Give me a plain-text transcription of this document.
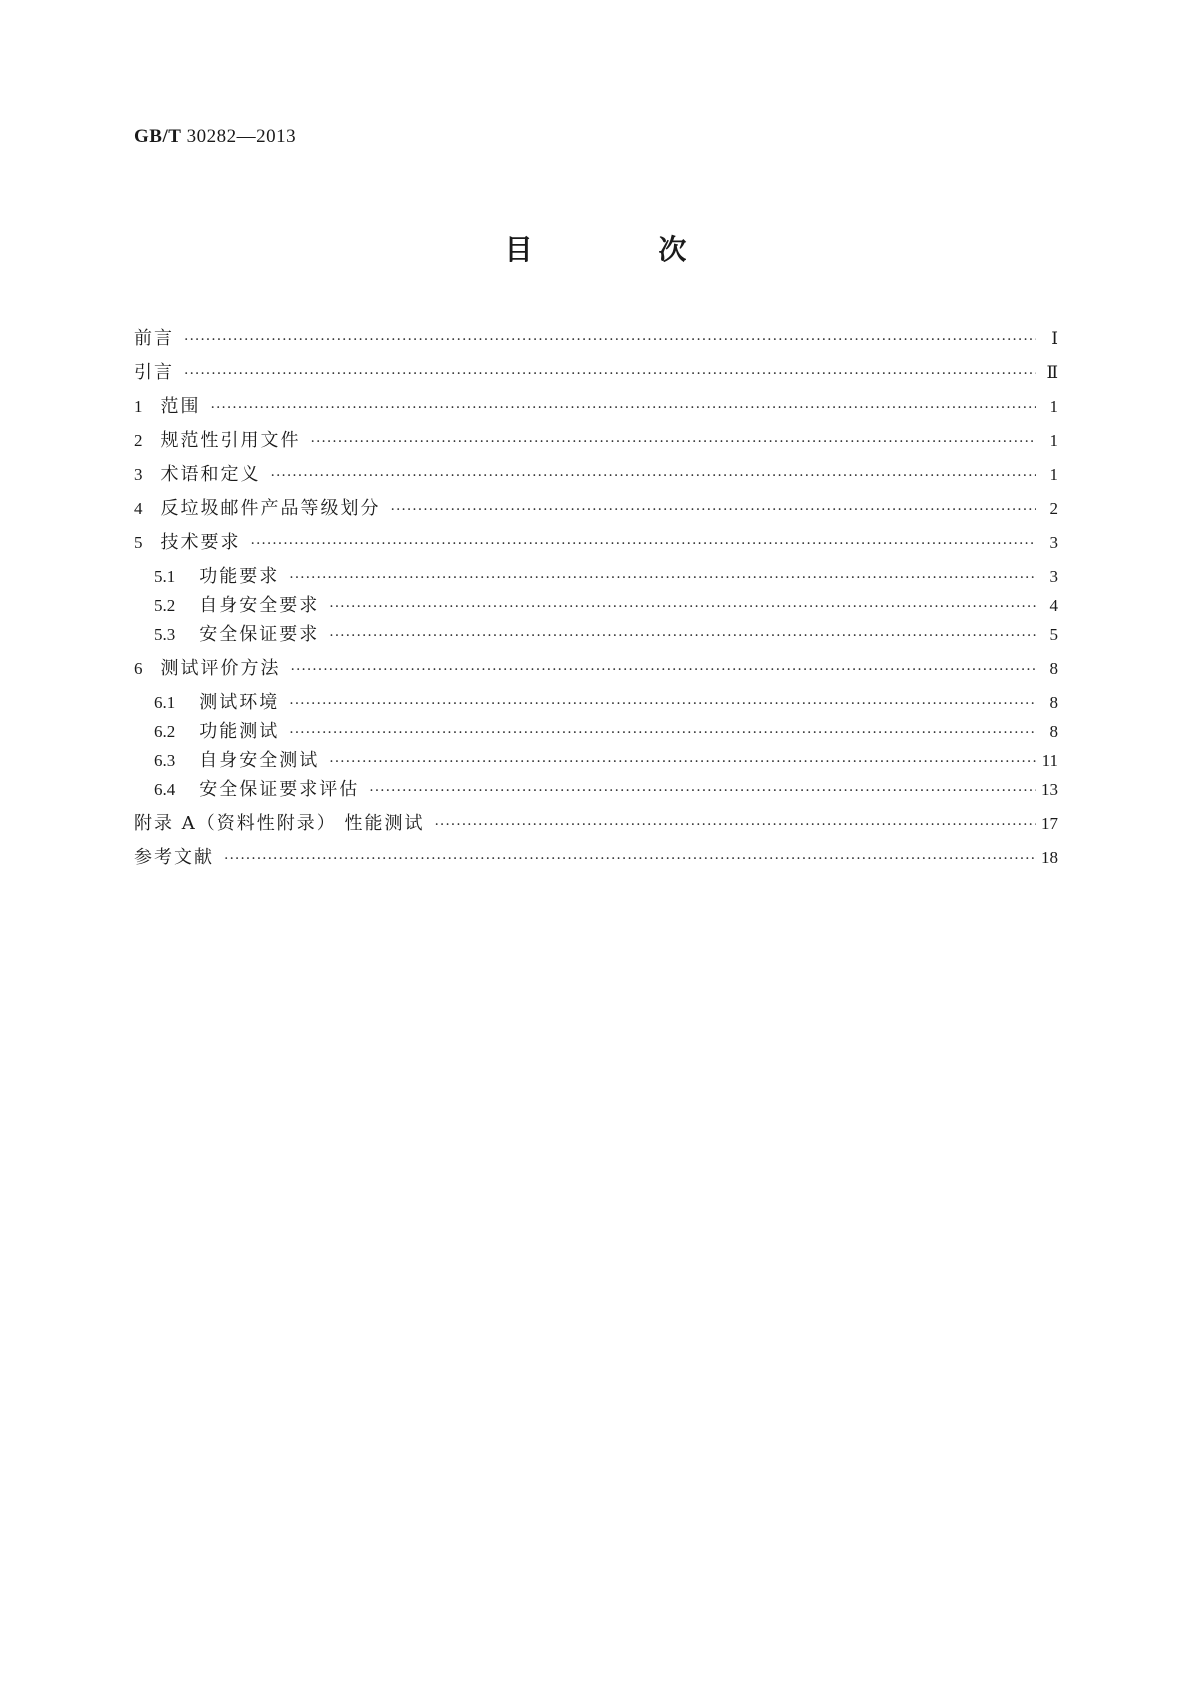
GB/T 30282—2013
目 次
前言 ·····	Ⅰ
引言 ·····	Ⅱ
1 范围 ·····	1
2 规范性引用文件 ·····	1
3 术语和定义 ·····	1
4 反垃圾邮件产品等级划分 ·····	2
5 技术要求 ·····	3
5.1 功能要求 ·····	3
5.2 自身安全要求 ·····	4
5.3 安全保证要求 ·····	5
6 测试评价方法 ·····	8
6.1 测试环境 ·····	8
6.2 功能测试 ·····	8
6.3 自身安全测试 ·····	11
6.4 安全保证要求评估 ·····	13
附录 A（资料性附录） 性能测试 ·····	17
参考文献 ·····	18
